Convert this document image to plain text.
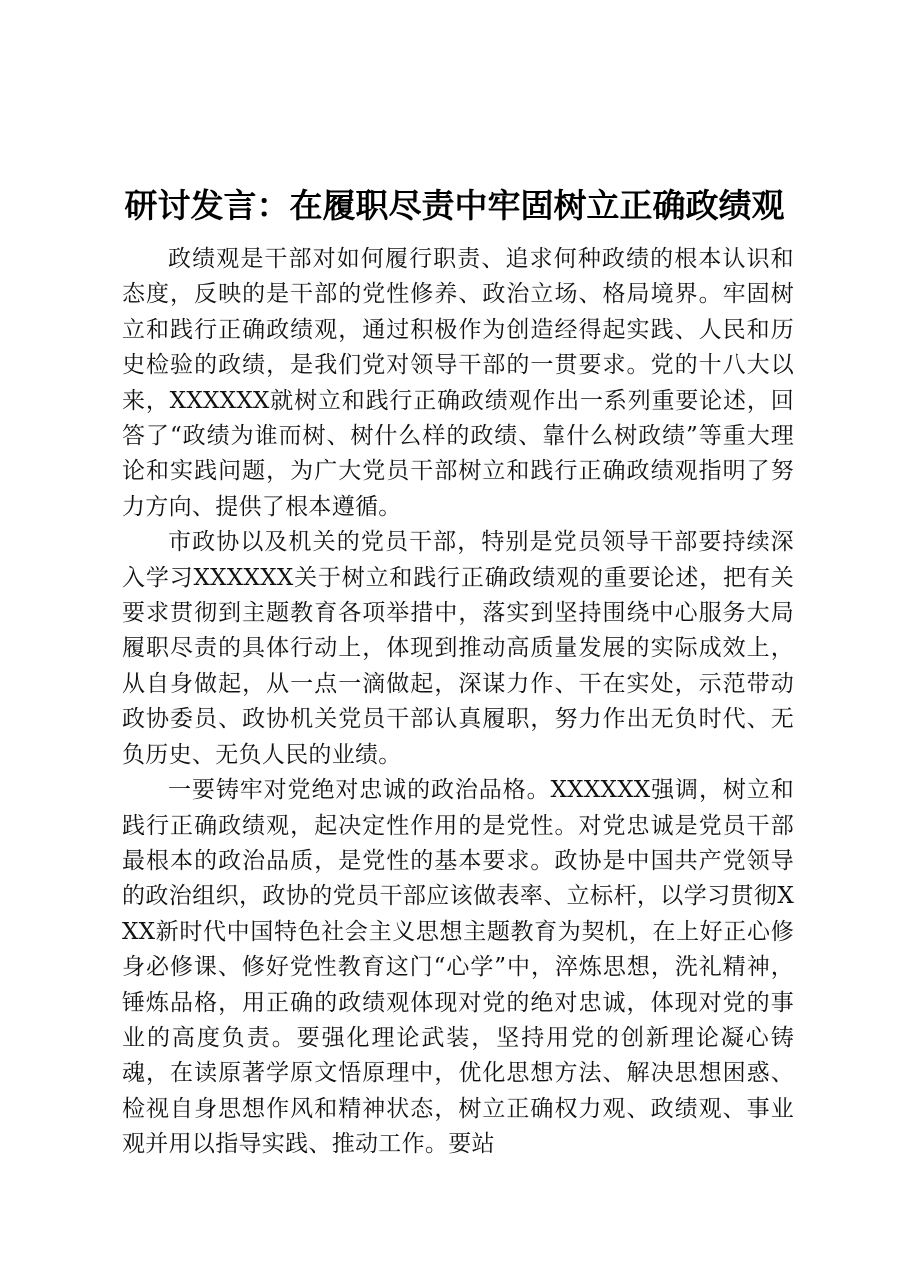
研讨发言：在履职尽责中牢固树立正确政绩观

政绩观是干部对如何履行职责、追求何种政绩的根本认识和态度，反映的是干部的党性修养、政治立场、格局境界。牢固树立和践行正确政绩观，通过积极作为创造经得起实践、人民和历史检验的政绩，是我们党对领导干部的一贯要求。党的十八大以来，XXXXXX就树立和践行正确政绩观作出一系列重要论述，回答了“政绩为谁而树、树什么样的政绩、靠什么树政绩”等重大理论和实践问题，为广大党员干部树立和践行正确政绩观指明了努力方向、提供了根本遵循。

市政协以及机关的党员干部，特别是党员领导干部要持续深入学习XXXXXX关于树立和践行正确政绩观的重要论述，把有关要求贯彻到主题教育各项举措中，落实到坚持围绕中心服务大局履职尽责的具体行动上，体现到推动高质量发展的实际成效上，从自身做起，从一点一滴做起，深谋力作、干在实处，示范带动政协委员、政协机关党员干部认真履职，努力作出无负时代、无负历史、无负人民的业绩。

一要铸牢对党绝对忠诚的政治品格。XXXXXX强调，树立和践行正确政绩观，起决定性作用的是党性。对党忠诚是党员干部最根本的政治品质，是党性的基本要求。政协是中国共产党领导的政治组织，政协的党员干部应该做表率、立标杆，以学习贯彻XXX新时代中国特色社会主义思想主题教育为契机，在上好正心修身必修课、修好党性教育这门“心学”中，淬炼思想，洗礼精神，锤炼品格，用正确的政绩观体现对党的绝对忠诚，体现对党的事业的高度负责。要强化理论武装，坚持用党的创新理论凝心铸魂，在读原著学原文悟原理中，优化思想方法、解决思想困惑、检视自身思想作风和精神状态，树立正确权力观、政绩观、事业观并用以指导实践、推动工作。要站
